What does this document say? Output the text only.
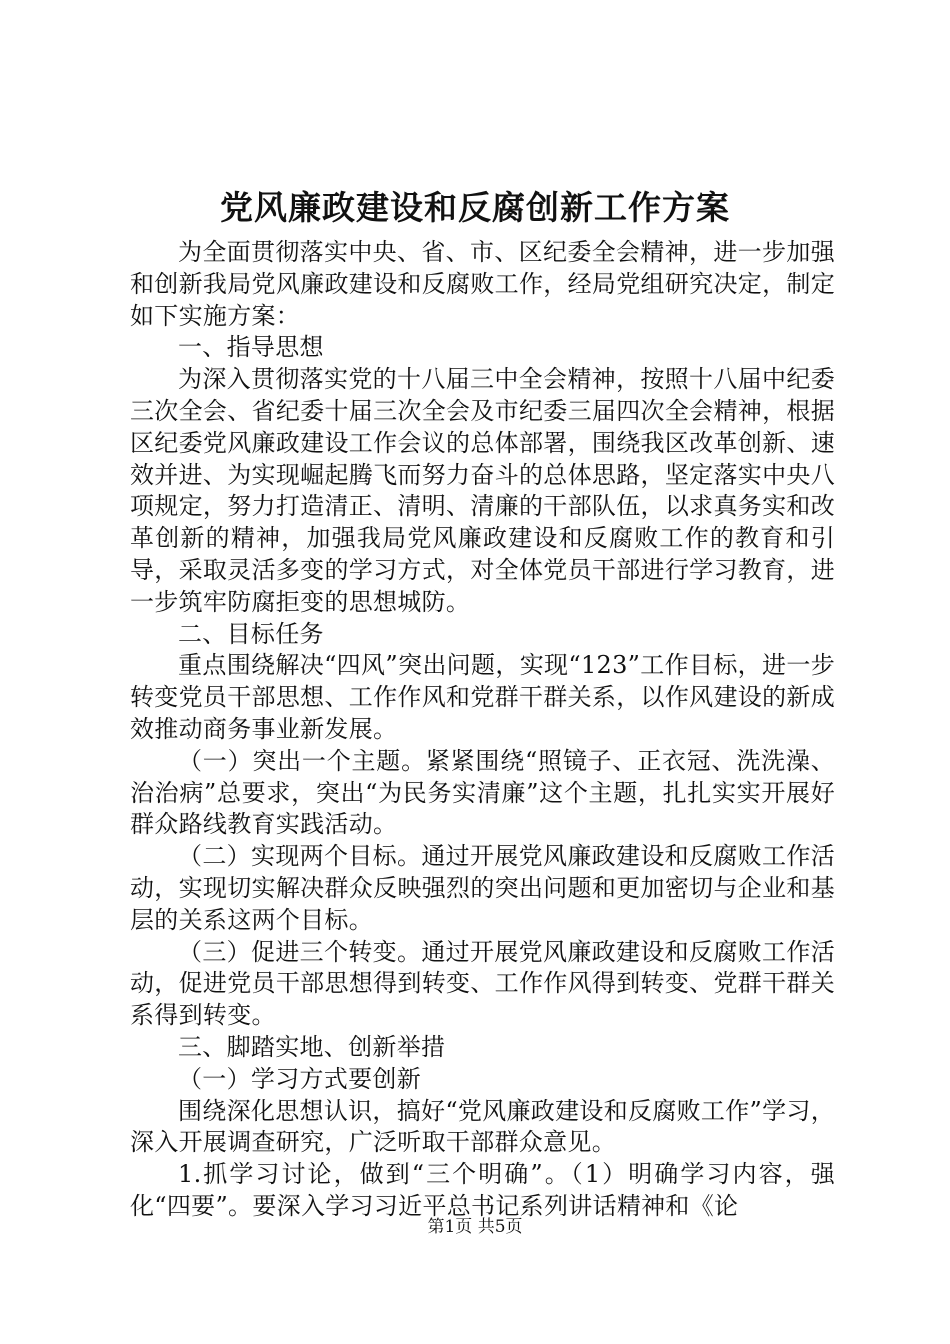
党风廉政建设和反腐创新工作方案

为全面贯彻落实中央、省、市、区纪委全会精神，进一步加强和创新我局党风廉政建设和反腐败工作，经局党组研究决定，制定如下实施方案：

一、指导思想

为深入贯彻落实党的十八届三中全会精神，按照十八届中纪委三次全会、省纪委十届三次全会及市纪委三届四次全会精神，根据区纪委党风廉政建设工作会议的总体部署，围绕我区改革创新、速效并进、为实现崛起腾飞而努力奋斗的总体思路，坚定落实中央八项规定，努力打造清正、清明、清廉的干部队伍，以求真务实和改革创新的精神，加强我局党风廉政建设和反腐败工作的教育和引导，采取灵活多变的学习方式，对全体党员干部进行学习教育，进一步筑牢防腐拒变的思想城防。

二、目标任务

重点围绕解决“四风”突出问题，实现“123”工作目标，进一步转变党员干部思想、工作作风和党群干群关系，以作风建设的新成效推动商务事业新发展。

（一）突出一个主题。紧紧围绕“照镜子、正衣冠、洗洗澡、治治病”总要求，突出“为民务实清廉”这个主题，扎扎实实开展好群众路线教育实践活动。

（二）实现两个目标。通过开展党风廉政建设和反腐败工作活动，实现切实解决群众反映强烈的突出问题和更加密切与企业和基层的关系这两个目标。

（三）促进三个转变。通过开展党风廉政建设和反腐败工作活动，促进党员干部思想得到转变、工作作风得到转变、党群干群关系得到转变。

三、脚踏实地、创新举措

（一）学习方式要创新

围绕深化思想认识，搞好“党风廉政建设和反腐败工作”学习，深入开展调查研究，广泛听取干部群众意见。

1.抓学习讨论，做到“三个明确”。（1）明确学习内容，强化“四要”。要深入学习习近平总书记系列讲话精神和《论

第1页 共5页
